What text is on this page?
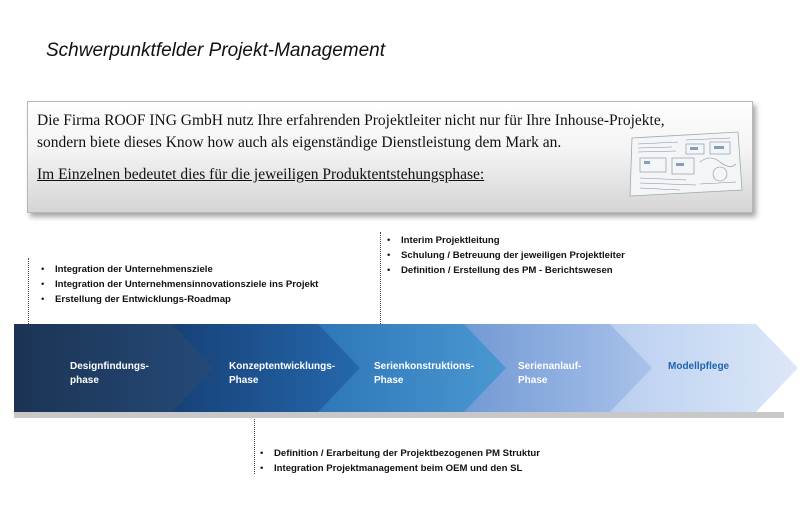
Schwerpunktfelder Projekt-Management
Die Firma ROOF ING GmbH nutz Ihre erfahrenden Projektleiter nicht nur für Ihre Inhouse-Projekte,
sondern biete dieses Know how auch als eigenständige Dienstleistung dem Mark an.
Im Einzelnen bedeutet dies für die jeweiligen Produktentstehungsphase:
• Integration der Unternehmensziele
• Integration der Unternehmensinnovationsziele ins Projekt
• Erstellung der Entwicklungs-Roadmap
• Interim Projektleitung
• Schulung / Betreuung der jeweiligen Projektleiter
• Definition / Erstellung des PM - Berichtswesen
• Definition / Erarbeitung der Projektbezogenen PM Struktur
• Integration Projektmanagement beim OEM und den SL
Designfindungs-
phase
Konzeptentwicklungs-
Phase
Serienkonstruktions-
Phase
Serienanlauf-
Phase
Modellpflege
